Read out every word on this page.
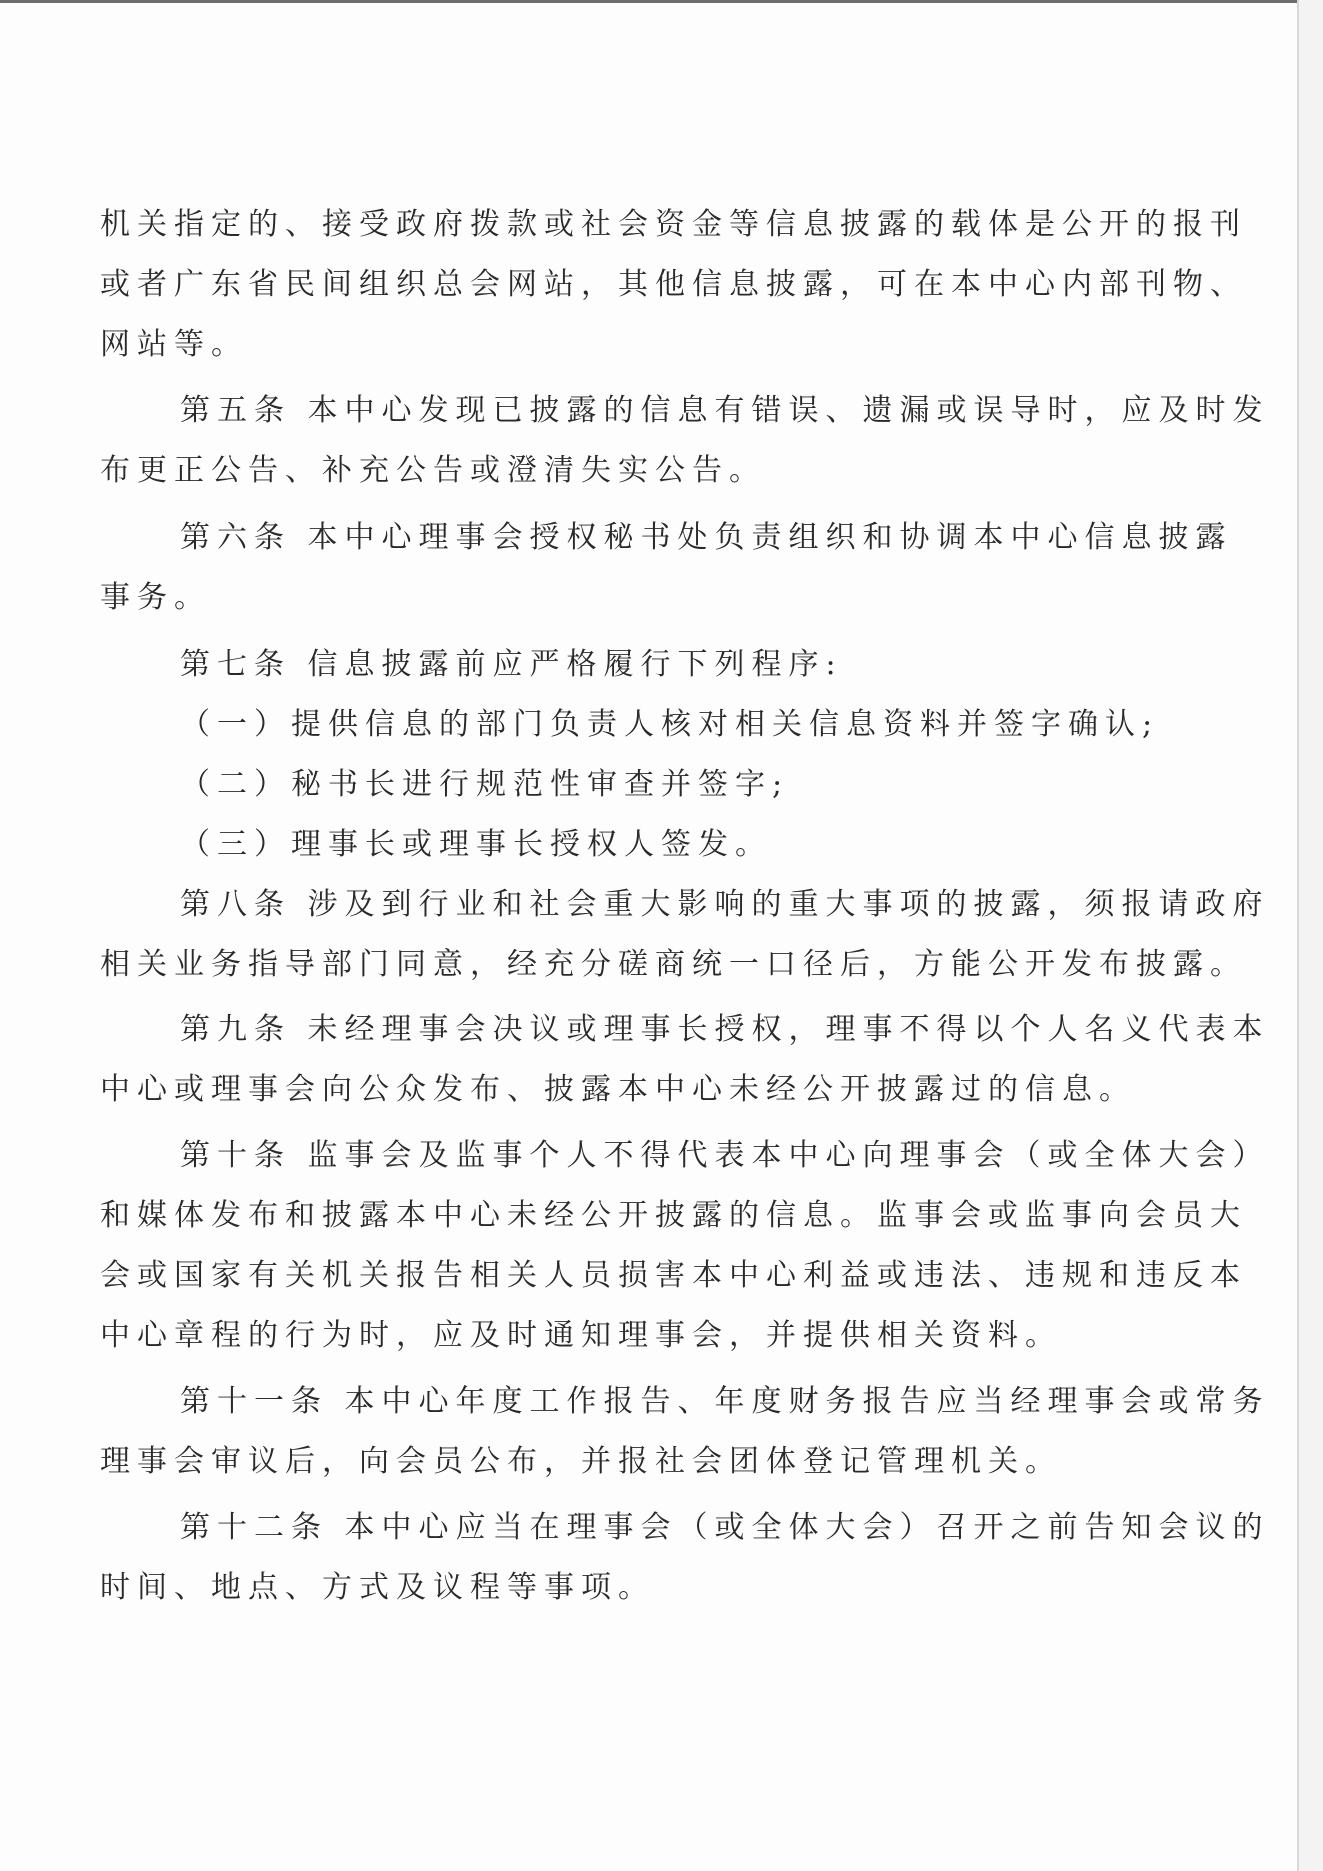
机关指定的、接受政府拨款或社会资金等信息披露的载体是公开的报刊
或者广东省民间组织总会网站，其他信息披露，可在本中心内部刊物、
网站等。
第五条 本中心发现已披露的信息有错误、遗漏或误导时，应及时发
布更正公告、补充公告或澄清失实公告。
第六条 本中心理事会授权秘书处负责组织和协调本中心信息披露
事务。
第七条 信息披露前应严格履行下列程序:
（一）提供信息的部门负责人核对相关信息资料并签字确认;
（二）秘书长进行规范性审查并签字;
（三）理事长或理事长授权人签发。
第八条 涉及到行业和社会重大影响的重大事项的披露，须报请政府
相关业务指导部门同意，经充分磋商统一口径后，方能公开发布披露。
第九条 未经理事会决议或理事长授权，理事不得以个人名义代表本
中心或理事会向公众发布、披露本中心未经公开披露过的信息。
第十条 监事会及监事个人不得代表本中心向理事会（或全体大会）
和媒体发布和披露本中心未经公开披露的信息。监事会或监事向会员大
会或国家有关机关报告相关人员损害本中心利益或违法、违规和违反本
中心章程的行为时，应及时通知理事会，并提供相关资料。
第十一条 本中心年度工作报告、年度财务报告应当经理事会或常务
理事会审议后，向会员公布，并报社会团体登记管理机关。
第十二条 本中心应当在理事会（或全体大会）召开之前告知会议的
时间、地点、方式及议程等事项。
